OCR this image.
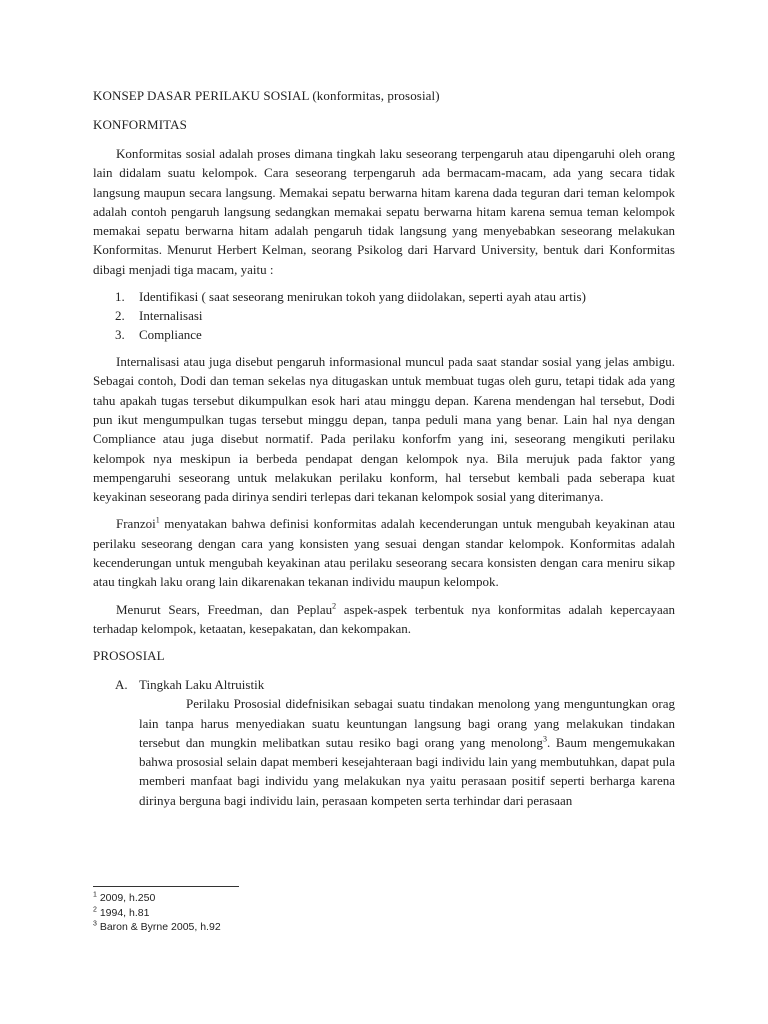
KONSEP DASAR PERILAKU SOSIAL (konformitas, prososial)

KONFORMITAS

Konformitas sosial adalah proses dimana tingkah laku seseorang terpengaruh atau dipengaruhi oleh orang lain didalam suatu kelompok. Cara seseorang terpengaruh ada bermacam-macam, ada yang secara tidak langsung maupun secara langsung. Memakai sepatu berwarna hitam karena dada teguran dari teman kelompok adalah contoh pengaruh langsung sedangkan memakai sepatu berwarna hitam karena semua teman kelompok memakai sepatu berwarna hitam adalah pengaruh tidak langsung yang menyebabkan seseorang melakukan Konformitas. Menurut Herbert Kelman, seorang Psikolog dari Harvard University, bentuk dari Konformitas dibagi menjadi tiga macam, yaitu :

1. Identifikasi ( saat seseorang menirukan tokoh yang diidolakan, seperti ayah atau artis)
2. Internalisasi
3. Compliance

Internalisasi atau juga disebut pengaruh informasional muncul pada saat standar sosial yang jelas ambigu. Sebagai contoh, Dodi dan teman sekelas nya ditugaskan untuk membuat tugas oleh guru, tetapi tidak ada yang tahu apakah tugas tersebut dikumpulkan esok hari atau minggu depan. Karena mendengan hal tersebut, Dodi pun ikut mengumpulkan tugas tersebut minggu depan, tanpa peduli mana yang benar. Lain hal nya dengan Compliance atau juga disebut normatif. Pada perilaku konforfm yang ini, seseorang mengikuti perilaku kelompok nya meskipun ia berbeda pendapat dengan kelompok nya. Bila merujuk pada faktor yang mempengaruhi seseorang untuk melakukan perilaku konform, hal tersebut kembali pada seberapa kuat keyakinan seseorang pada dirinya sendiri terlepas dari tekanan kelompok sosial yang diterimanya.

Franzoi$^1$ menyatakan bahwa definisi konformitas adalah kecenderungan untuk mengubah keyakinan atau perilaku seseorang dengan cara yang konsisten yang sesuai dengan standar kelompok. Konformitas adalah kecenderungan untuk mengubah keyakinan atau perilaku seseorang secara konsisten dengan cara meniru sikap atau tingkah laku orang lain dikarenakan tekanan individu maupun kelompok.

Menurut Sears, Freedman, dan Peplau$^2$ aspek-aspek terbentuk nya konformitas adalah kepercayaan terhadap kelompok, ketaatan, kesepakatan, dan kekompakan.

PROSOSIAL

A. Tingkah Laku Altruistik

Perilaku Prososial didefnisikan sebagai suatu tindakan menolong yang menguntungkan orag lain tanpa harus menyediakan suatu keuntungan langsung bagi orang yang melakukan tindakan tersebut dan mungkin melibatkan sutau resiko bagi orang yang menolong$^3$. Baum mengemukakan bahwa prososial selain dapat memberi kesejahteraan bagi individu lain yang membutuhkan, dapat pula memberi manfaat bagi individu yang melakukan nya yaitu perasaan positif seperti berharga karena dirinya berguna bagi individu lain, perasaan kompeten serta terhindar dari perasaan

$^1$ 2009, h.250
$^2$ 1994, h.81
$^3$ Baron & Byrne 2005, h.92
